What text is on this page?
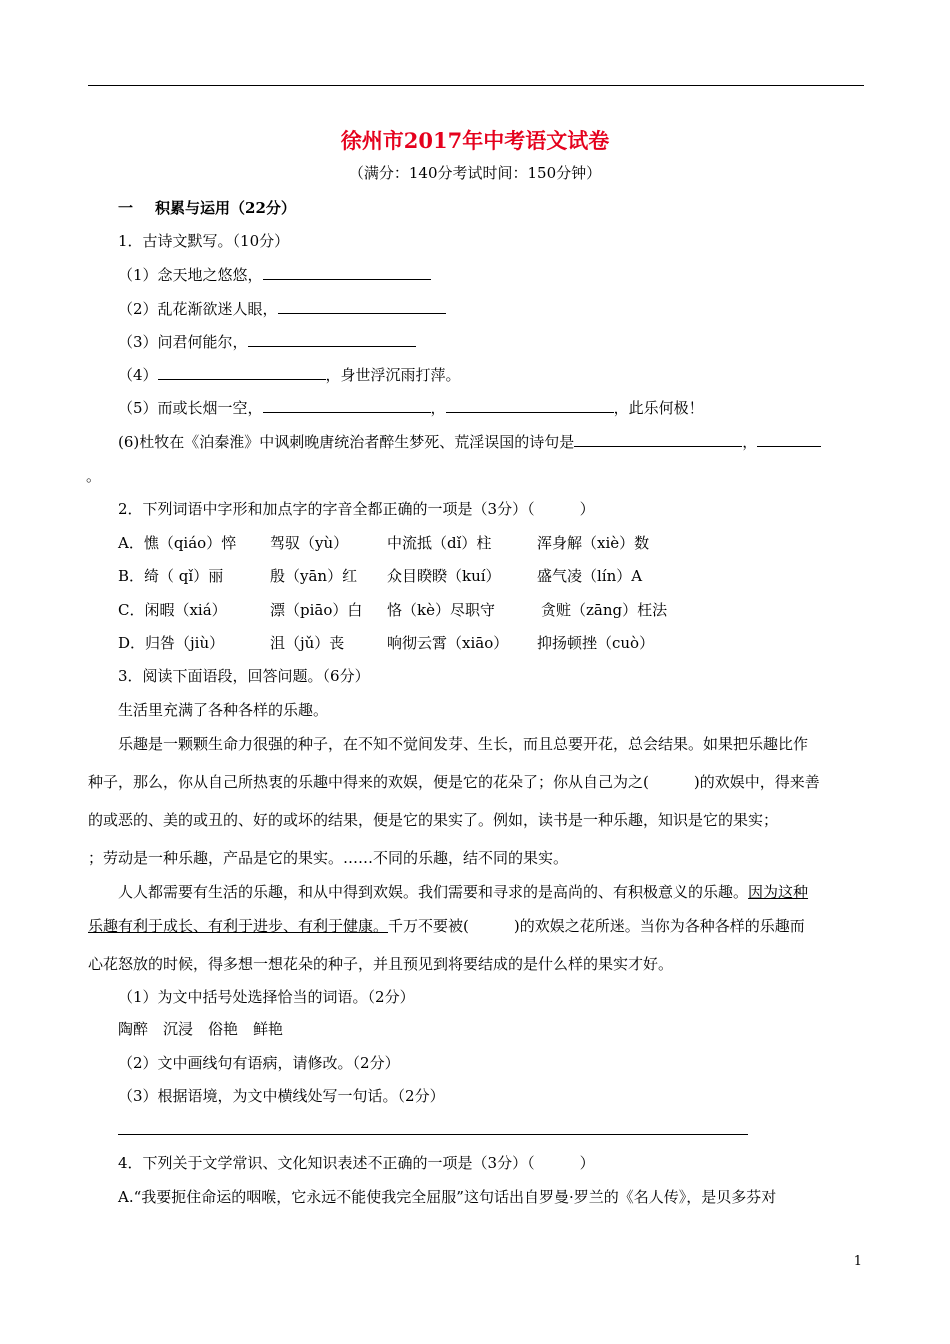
徐州市2017年中考语文试卷
（满分：140分考试时间：150分钟）
一 积累与运用（22分）
1．古诗文默写。（10分）
（1）念天地之悠悠，
（2）乱花渐欲迷人眼，
（3）问君何能尔，
（4）	，身世浮沉雨打萍。
（5）而或长烟一空，	，	，此乐何极！
(6)杜牧在《泊秦淮》中讽刺晚唐统治者醉生梦死、荒淫误国的诗句是	，
。
2．下列词语中字形和加点字的字音全都正确的一项是（3分）（　　　）
A．憔（qiáo）悴 驾驭（yù）	中流抵（dǐ）柱	浑身解（xiè）数
B．绮（ qǐ）丽	殷（yān）红 众目睽睽（kuí） 盛气凌（lín）A
C．闲暇（xiá）	漂（piāo）白 恪（kè）尽职守	贪赃（zāng）枉法
D．归咎（jiù）	沮（jǔ）丧	响彻云霄（xiāo） 抑扬顿挫（cuò）
3．阅读下面语段，回答问题。（6分）
生活里充满了各种各样的乐趣。
乐趣是一颗颗生命力很强的种子，在不知不觉间发芽、生长，而且总要开花，总会结果。如果把乐趣比作
种子，那么，你从自己所热衷的乐趣中得来的欢娱，便是它的花朵了；你从自己为之(　　　)的欢娱中，得来善
的或恶的、美的或丑的、好的或坏的结果，便是它的果实了。例如，读书是一种乐趣，知识是它的果实；
；劳动是一种乐趣，产品是它的果实。……不同的乐趣，结不同的果实。
人人都需要有生活的乐趣，和从中得到欢娱。我们需要和寻求的是高尚的、有积极意义的乐趣。因为这种
乐趣有利于成长、有利于进步、有利于健康。千万不要被(　　　)的欢娱之花所迷。当你为各种各样的乐趣而
心花怒放的时候，得多想一想花朵的种子，并且预见到将要结成的是什么样的果实才好。
（1）为文中括号处选择恰当的词语。（2分）
陶醉　沉浸　俗艳　鲜艳
（2）文中画线句有语病，请修改。（2分）
（3）根据语境，为文中横线处写一句话。（2分）
4．下列关于文学常识、文化知识表述不正确的一项是（3分）（　　　）
A.“我要扼住命运的咽喉，它永远不能使我完全屈服”这句话出自罗曼·罗兰的《名人传》，是贝多芬对
1
